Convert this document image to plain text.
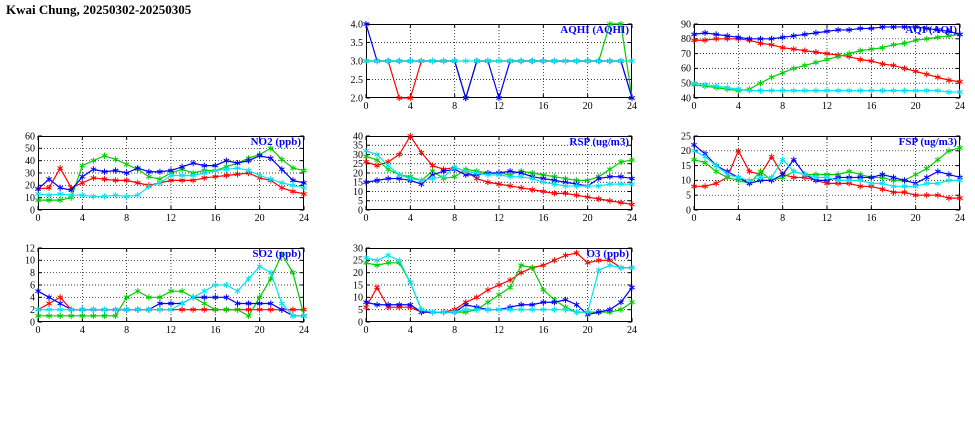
Kwai Chung, 20250302-20250305
2.0
2.5
3.0
3.5
4.0
0	4	8	12	16	20	24
AQHI (AQHI)
40
50
60
70
80
90
0	4	8	12	16	20	24
AQI (AQI)
0
10
20
30
40
50
60
0	4	8	12	16	20	24
NO2 (ppb)
0
5
10
15
20
25
30
35
40
0	4	8	12	16	20	24
RSP (ug/m3)
0
5
10
15
20
25
0	4	8	12	16	20	24
FSP (ug/m3)
0
2
4
6
8
10
12
0	4	8	12	16	20	24
SO2 (ppb)
0
5
10
15
20
25
30
0	4	8	12	16	20	24
O3 (ppb)
